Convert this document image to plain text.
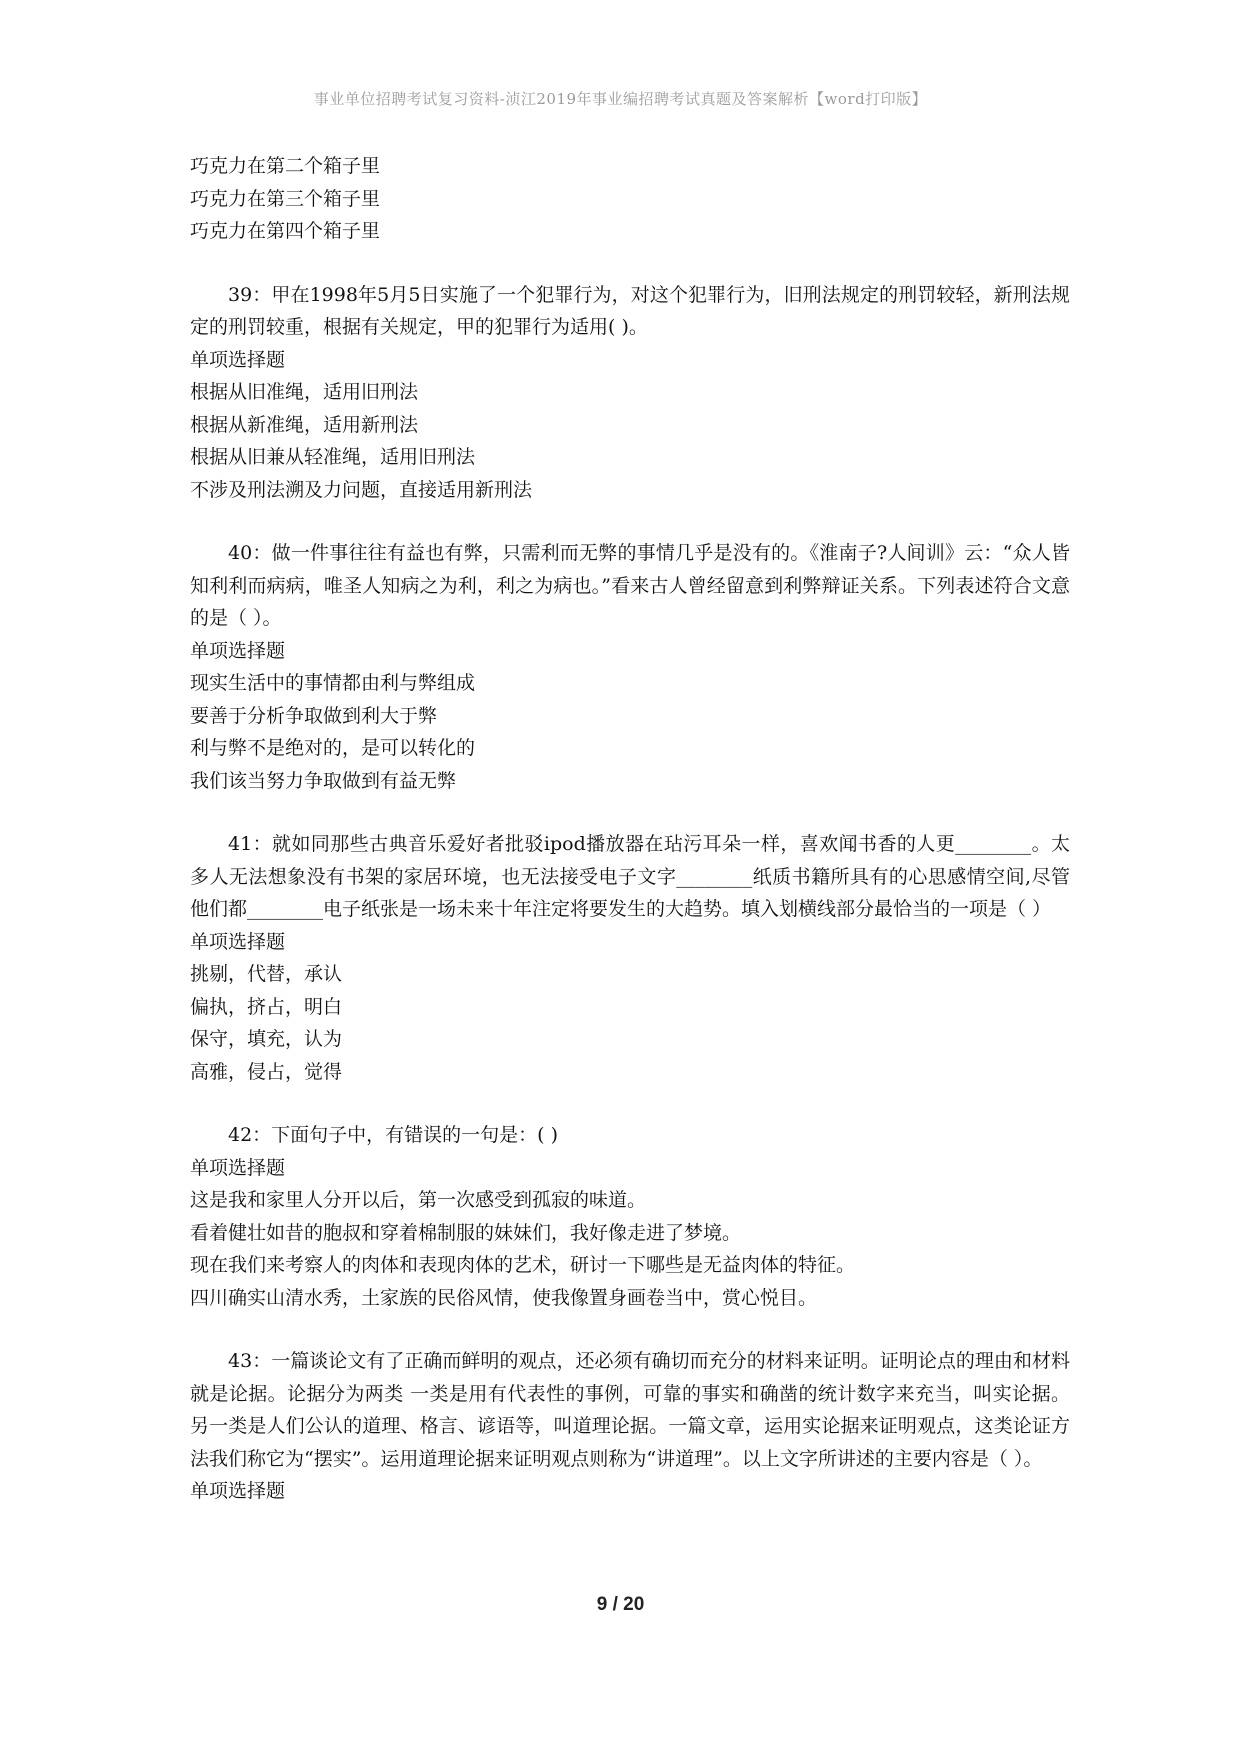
事业单位招聘考试复习资料-浈江2019年事业编招聘考试真题及答案解析【word打印版】
巧克力在第二个箱子里
巧克力在第三个箱子里
巧克力在第四个箱子里
39：甲在1998年5月5日实施了一个犯罪行为，对这个犯罪行为，旧刑法规定的刑罚较轻，新刑法规定的刑罚较重，根据有关规定，甲的犯罪行为适用( )。
单项选择题
根据从旧准绳，适用旧刑法
根据从新准绳，适用新刑法
根据从旧兼从轻准绳，适用旧刑法
不涉及刑法溯及力问题，直接适用新刑法
40：做一件事往往有益也有弊，只需利而无弊的事情几乎是没有的。《淮南子?人间训》云：“众人皆知利利而病病，唯圣人知病之为利，利之为病也。”看来古人曾经留意到利弊辩证关系。下列表述符合文意的是（ ）。
单项选择题
现实生活中的事情都由利与弊组成
要善于分析争取做到利大于弊
利与弊不是绝对的，是可以转化的
我们该当努力争取做到有益无弊
41：就如同那些古典音乐爱好者批驳ipod播放器在玷污耳朵一样，喜欢闻书香的人更________。太多人无法想象没有书架的家居环境，也无法接受电子文字________纸质书籍所具有的心思感情空间,尽管他们都________电子纸张是一场未来十年注定将要发生的大趋势。填入划横线部分最恰当的一项是（ ）
单项选择题
挑剔，代替，承认
偏执，挤占，明白
保守，填充，认为
高雅，侵占，觉得
42：下面句子中，有错误的一句是：( )
单项选择题
这是我和家里人分开以后，第一次感受到孤寂的味道。
看着健壮如昔的胞叔和穿着棉制服的妹妹们，我好像走进了梦境。
现在我们来考察人的肉体和表现肉体的艺术，研讨一下哪些是无益肉体的特征。
四川确实山清水秀，土家族的民俗风情，使我像置身画卷当中，赏心悦目。
43：一篇谈论文有了正确而鲜明的观点，还必须有确切而充分的材料来证明。证明论点的理由和材料就是论据。论据分为两类 一类是用有代表性的事例，可靠的事实和确凿的统计数字来充当，叫实论据。另一类是人们公认的道理、格言、谚语等，叫道理论据。一篇文章，运用实论据来证明观点，这类论证方法我们称它为“摆实”。运用道理论据来证明观点则称为“讲道理”。以上文字所讲述的主要内容是（ ）。
单项选择题
9 / 20
